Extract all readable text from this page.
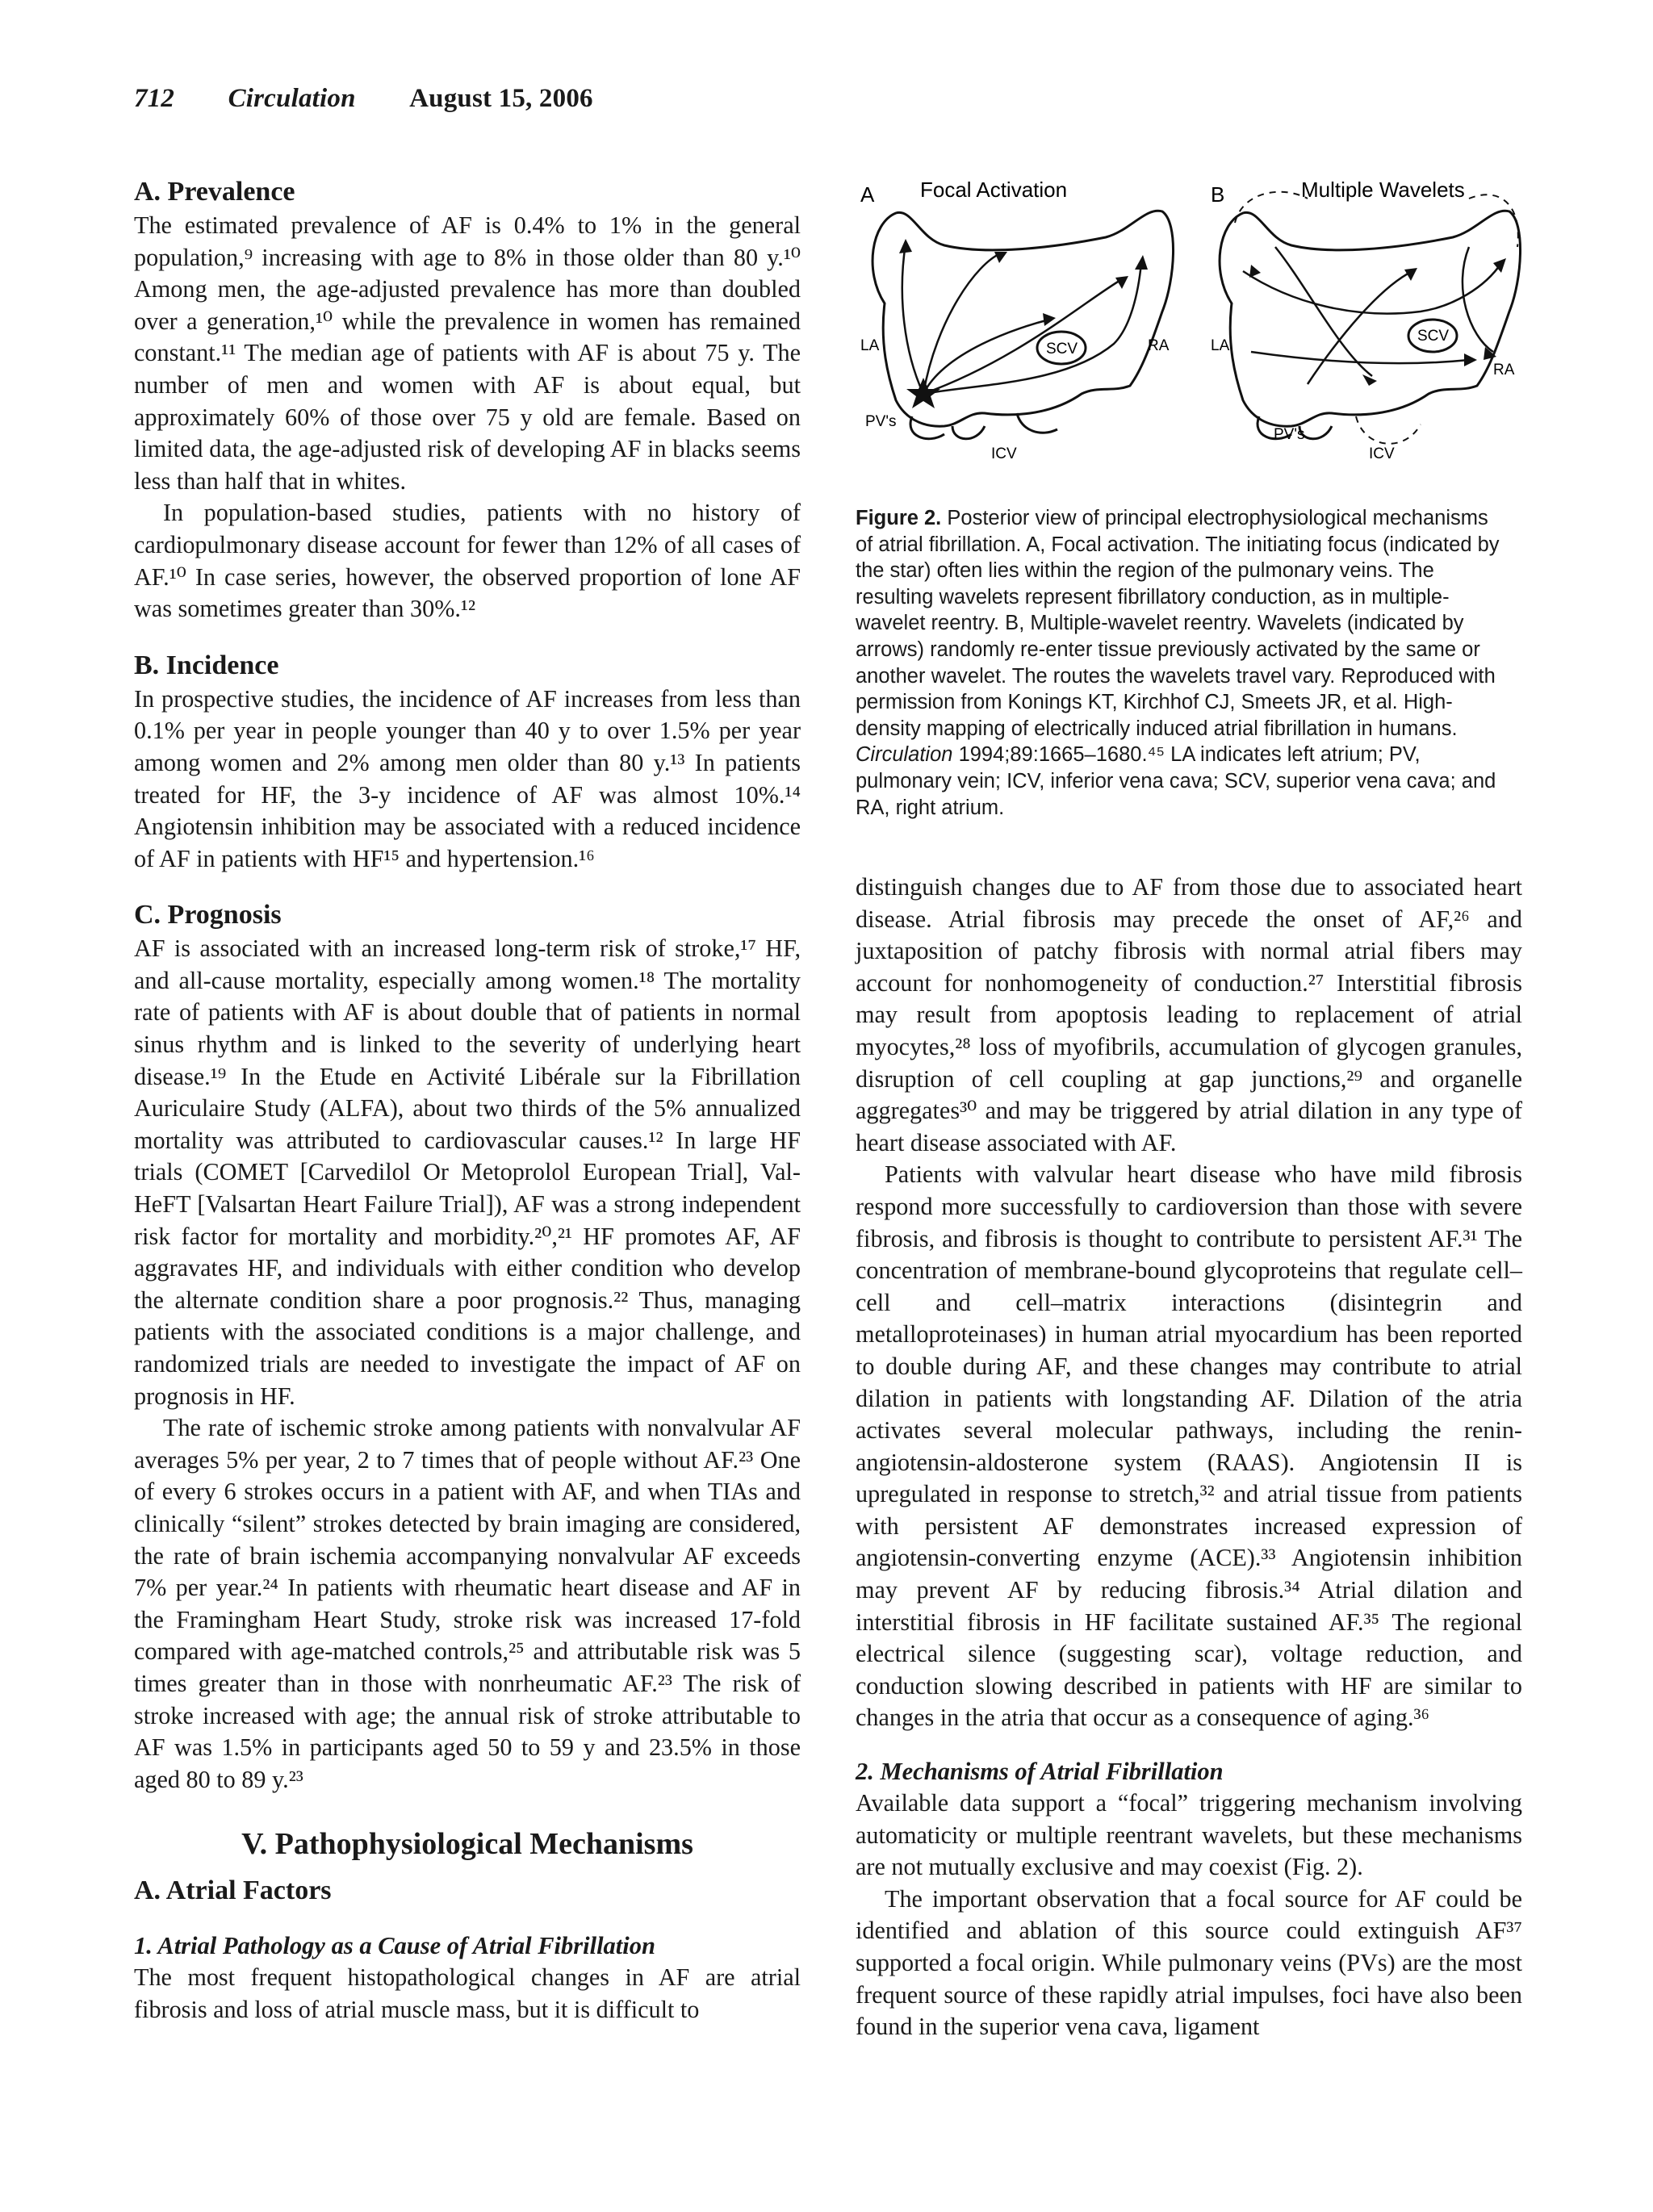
712 Circulation August 15, 2006
A. Prevalence

The estimated prevalence of AF is 0.4% to 1% in the general population,⁹ increasing with age to 8% in those older than 80 y.¹⁰ Among men, the age-adjusted prevalence has more than doubled over a generation,¹⁰ while the prevalence in women has remained constant.¹¹ The median age of patients with AF is about 75 y. The number of men and women with AF is about equal, but approximately 60% of those over 75 y old are female. Based on limited data, the age-adjusted risk of developing AF in blacks seems less than half that in whites.

In population-based studies, patients with no history of cardiopulmonary disease account for fewer than 12% of all cases of AF.¹⁰ In case series, however, the observed proportion of lone AF was sometimes greater than 30%.¹²

B. Incidence

In prospective studies, the incidence of AF increases from less than 0.1% per year in people younger than 40 y to over 1.5% per year among women and 2% among men older than 80 y.¹³ In patients treated for HF, the 3-y incidence of AF was almost 10%.¹⁴ Angiotensin inhibition may be associated with a reduced incidence of AF in patients with HF¹⁵ and hypertension.¹⁶

C. Prognosis

AF is associated with an increased long-term risk of stroke,¹⁷ HF, and all-cause mortality, especially among women.¹⁸ The mortality rate of patients with AF is about double that of patients in normal sinus rhythm and is linked to the severity of underlying heart disease.¹⁹ In the Etude en Activité Libérale sur la Fibrillation Auriculaire Study (ALFA), about two thirds of the 5% annualized mortality was attributed to cardiovascular causes.¹² In large HF trials (COMET [Carvedilol Or Metoprolol European Trial], Val-HeFT [Valsartan Heart Failure Trial]), AF was a strong independent risk factor for mortality and morbidity.²⁰,²¹ HF promotes AF, AF aggravates HF, and individuals with either condition who develop the alternate condition share a poor prognosis.²² Thus, managing patients with the associated conditions is a major challenge, and randomized trials are needed to investigate the impact of AF on prognosis in HF.

The rate of ischemic stroke among patients with nonvalvular AF averages 5% per year, 2 to 7 times that of people without AF.²³ One of every 6 strokes occurs in a patient with AF, and when TIAs and clinically “silent” strokes detected by brain imaging are considered, the rate of brain ischemia accompanying nonvalvular AF exceeds 7% per year.²⁴ In patients with rheumatic heart disease and AF in the Framingham Heart Study, stroke risk was increased 17-fold compared with age-matched controls,²⁵ and attributable risk was 5 times greater than in those with nonrheumatic AF.²³ The risk of stroke increased with age; the annual risk of stroke attributable to AF was 1.5% in participants aged 50 to 59 y and 23.5% in those aged 80 to 89 y.²³

V. Pathophysiological Mechanisms
A. Atrial Factors
1. Atrial Pathology as a Cause of Atrial Fibrillation

The most frequent histopathological changes in AF are atrial fibrosis and loss of atrial muscle mass, but it is difficult to

A Focal Activation
SCV
LA	RA
PV's
ICV
B	Multiple Wavelets
SCV
LA
RA
PV's
ICV
Figure 2. Posterior view of principal electrophysiological mechanisms of atrial fibrillation. A, Focal activation. The initiating focus (indicated by the star) often lies within the region of the pulmonary veins. The resulting wavelets represent fibrillatory conduction, as in multiple-wavelet reentry. B, Multiple-wavelet reentry. Wavelets (indicated by arrows) randomly re-enter tissue previously activated by the same or another wavelet. The routes the wavelets travel vary. Reproduced with permission from Konings KT, Kirchhof CJ, Smeets JR, et al. High-density mapping of electrically induced atrial fibrillation in humans. Circulation 1994;89:1665–1680.⁴⁵ LA indicates left atrium; PV, pulmonary vein; ICV, inferior vena cava; SCV, superior vena cava; and RA, right atrium.

distinguish changes due to AF from those due to associated heart disease. Atrial fibrosis may precede the onset of AF,²⁶ and juxtaposition of patchy fibrosis with normal atrial fibers may account for nonhomogeneity of conduction.²⁷ Interstitial fibrosis may result from apoptosis leading to replacement of atrial myocytes,²⁸ loss of myofibrils, accumulation of glycogen granules, disruption of cell coupling at gap junctions,²⁹ and organelle aggregates³⁰ and may be triggered by atrial dilation in any type of heart disease associated with AF.

Patients with valvular heart disease who have mild fibrosis respond more successfully to cardioversion than those with severe fibrosis, and fibrosis is thought to contribute to persistent AF.³¹ The concentration of membrane-bound glycoproteins that regulate cell–cell and cell–matrix interactions (disintegrin and metalloproteinases) in human atrial myocardium has been reported to double during AF, and these changes may contribute to atrial dilation in patients with longstanding AF. Dilation of the atria activates several molecular pathways, including the renin-angiotensin-aldosterone system (RAAS). Angiotensin II is upregulated in response to stretch,³² and atrial tissue from patients with persistent AF demonstrates increased expression of angiotensin-converting enzyme (ACE).³³ Angiotensin inhibition may prevent AF by reducing fibrosis.³⁴ Atrial dilation and interstitial fibrosis in HF facilitate sustained AF.³⁵ The regional electrical silence (suggesting scar), voltage reduction, and conduction slowing described in patients with HF are similar to changes in the atria that occur as a consequence of aging.³⁶

2. Mechanisms of Atrial Fibrillation

Available data support a “focal” triggering mechanism involving automaticity or multiple reentrant wavelets, but these mechanisms are not mutually exclusive and may coexist (Fig. 2).

The important observation that a focal source for AF could be identified and ablation of this source could extinguish AF³⁷ supported a focal origin. While pulmonary veins (PVs) are the most frequent source of these rapidly atrial impulses, foci have also been found in the superior vena cava, ligament
